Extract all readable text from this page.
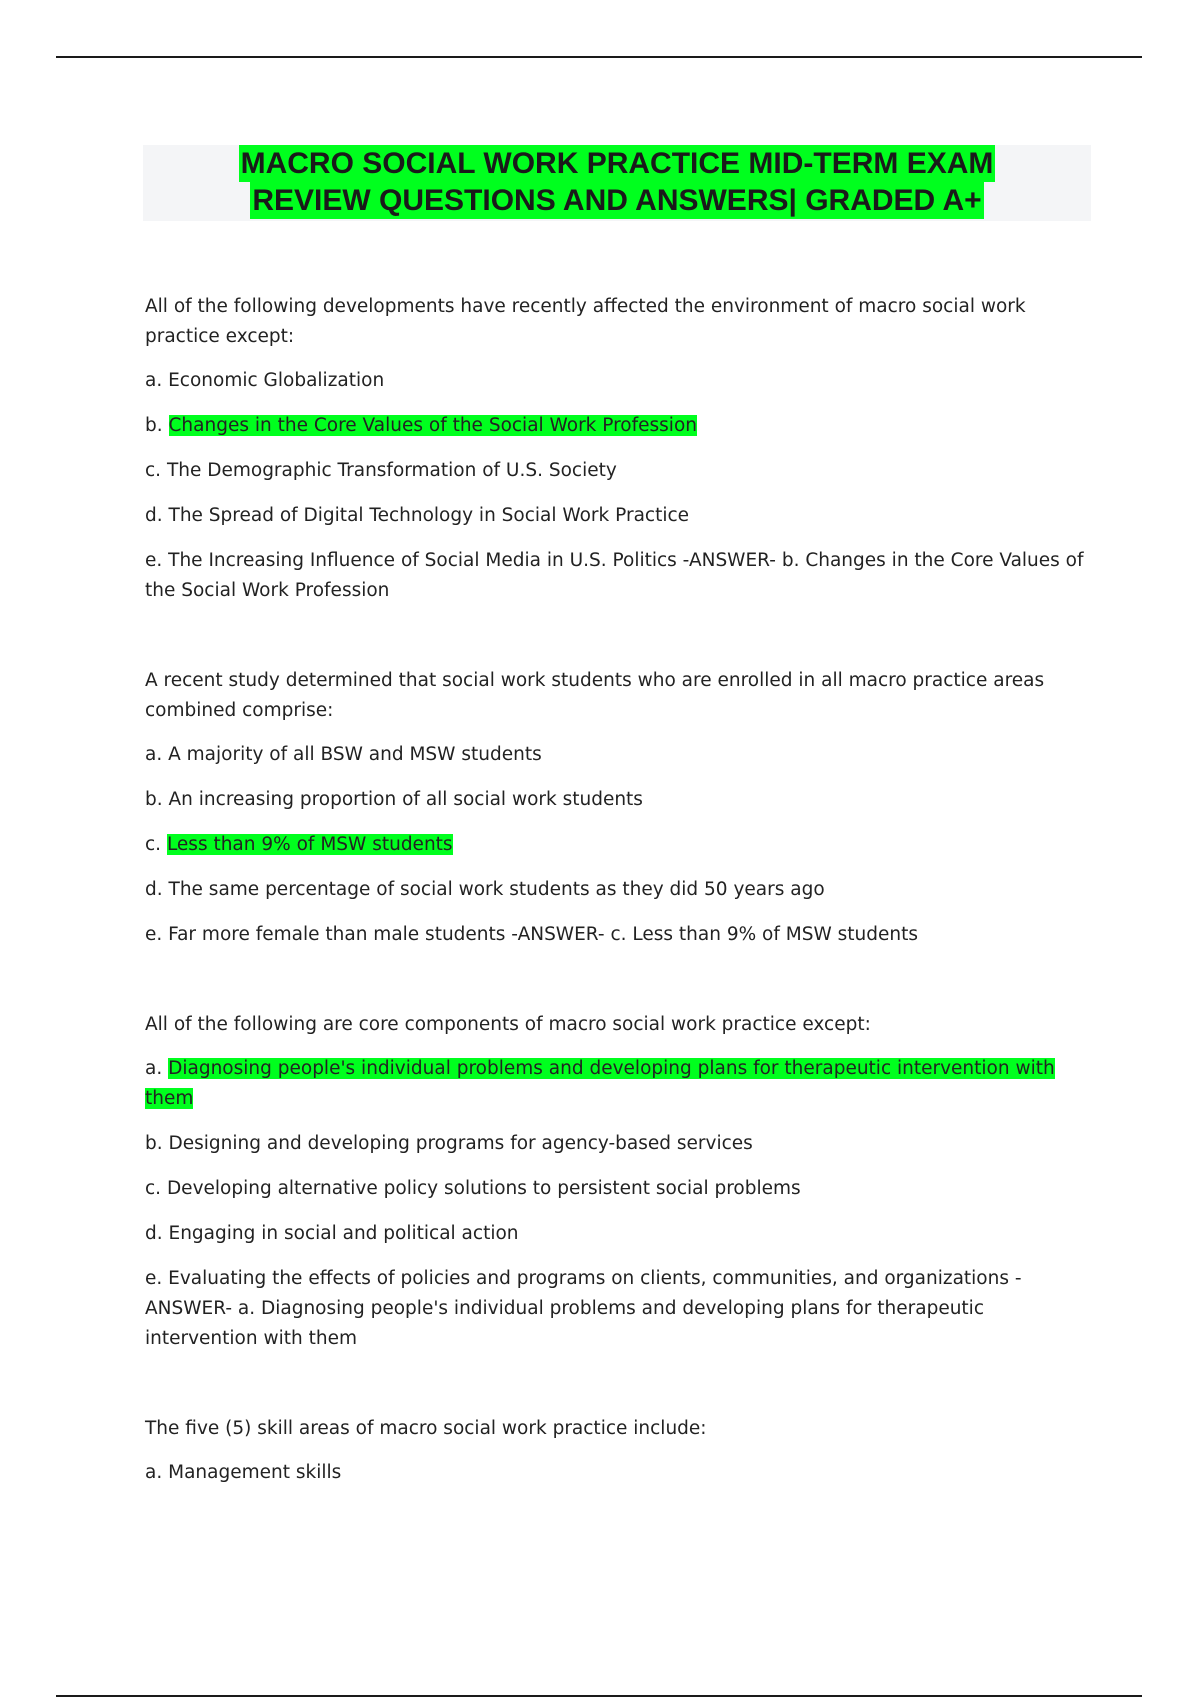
MACRO SOCIAL WORK PRACTICE MID-TERM EXAM
REVIEW QUESTIONS AND ANSWERS| GRADED A+

All of the following developments have recently affected the environment of macro social work practice except:

a. Economic Globalization

b. Changes in the Core Values of the Social Work Profession

c. The Demographic Transformation of U.S. Society

d. The Spread of Digital Technology in Social Work Practice

e. The Increasing Influence of Social Media in U.S. Politics -ANSWER- b. Changes in the Core Values of the Social Work Profession

A recent study determined that social work students who are enrolled in all macro practice areas combined comprise:

a. A majority of all BSW and MSW students

b. An increasing proportion of all social work students

c. Less than 9% of MSW students

d. The same percentage of social work students as they did 50 years ago

e. Far more female than male students -ANSWER- c. Less than 9% of MSW students

All of the following are core components of macro social work practice except:

a. Diagnosing people's individual problems and developing plans for therapeutic intervention with them

b. Designing and developing programs for agency-based services

c. Developing alternative policy solutions to persistent social problems

d. Engaging in social and political action

e. Evaluating the effects of policies and programs on clients, communities, and organizations -ANSWER- a. Diagnosing people's individual problems and developing plans for therapeutic intervention with them

The five (5) skill areas of macro social work practice include:

a. Management skills
